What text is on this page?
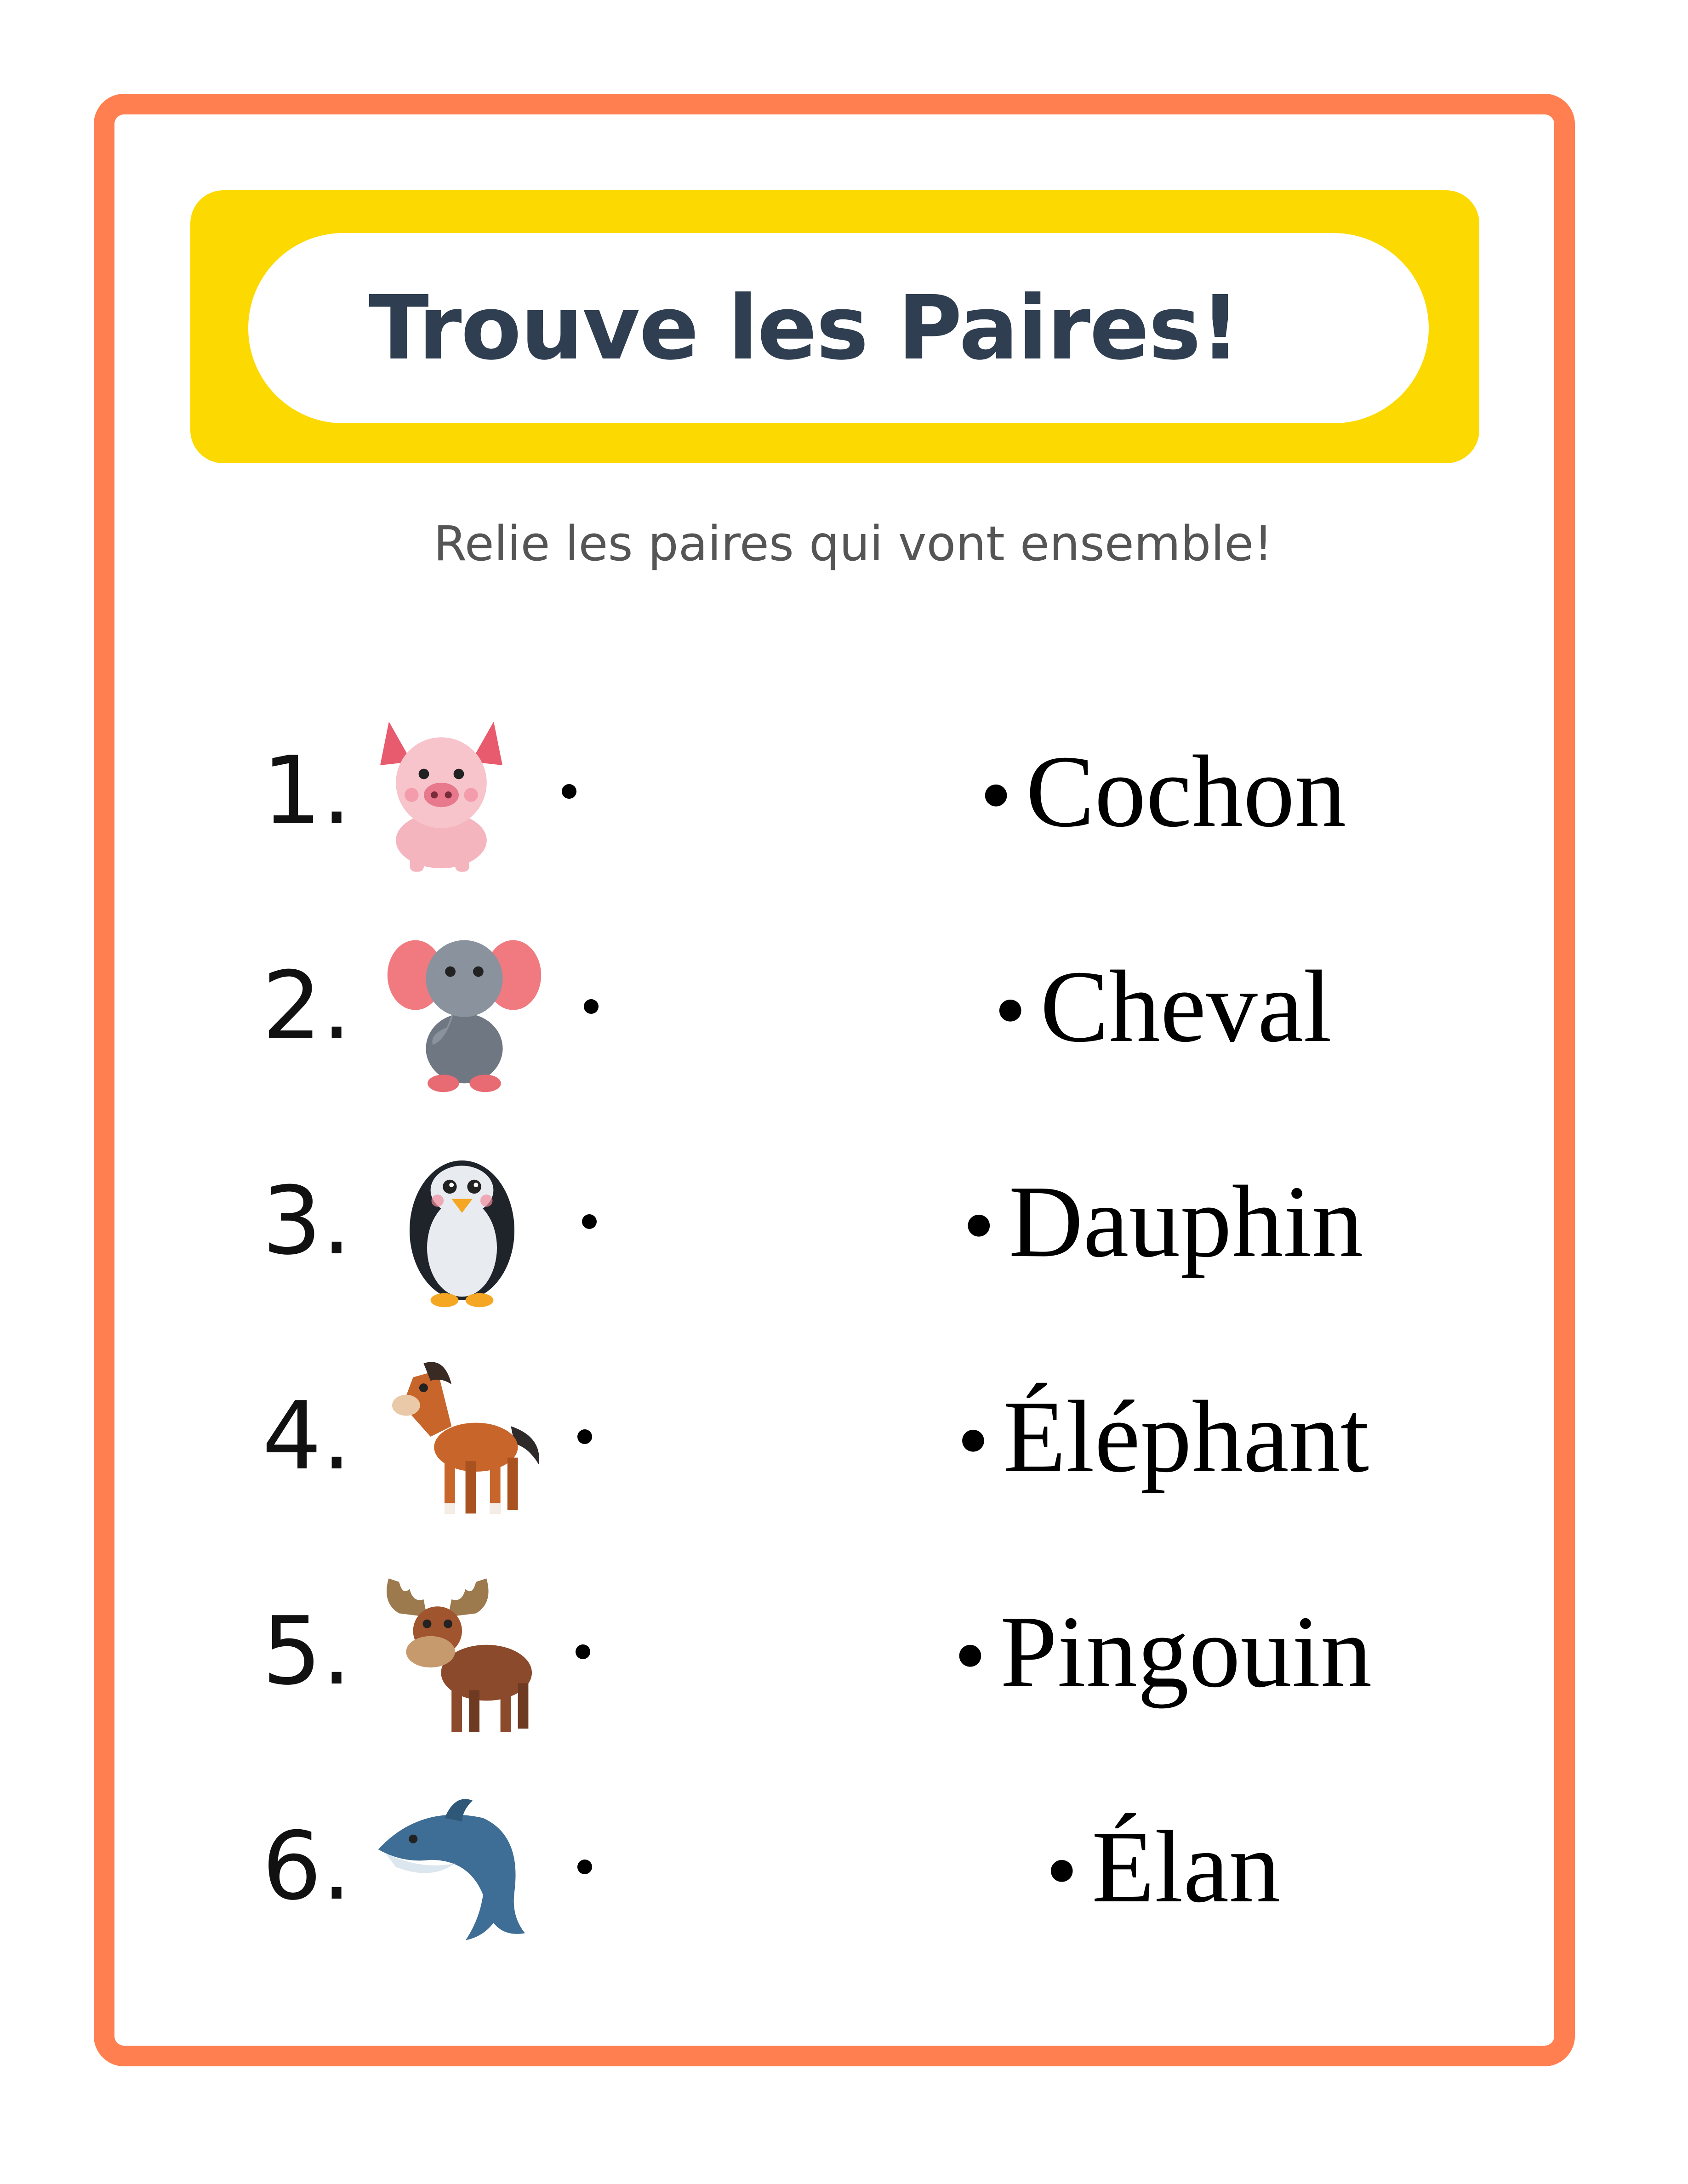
Trouve les Paires!
Relie les paires qui vont ensemble!
1.	• Cochon
2.	• Cheval
3.	• Dauphin
4.	• Éléphant
5.	• Pingouin
6.	• Élan
